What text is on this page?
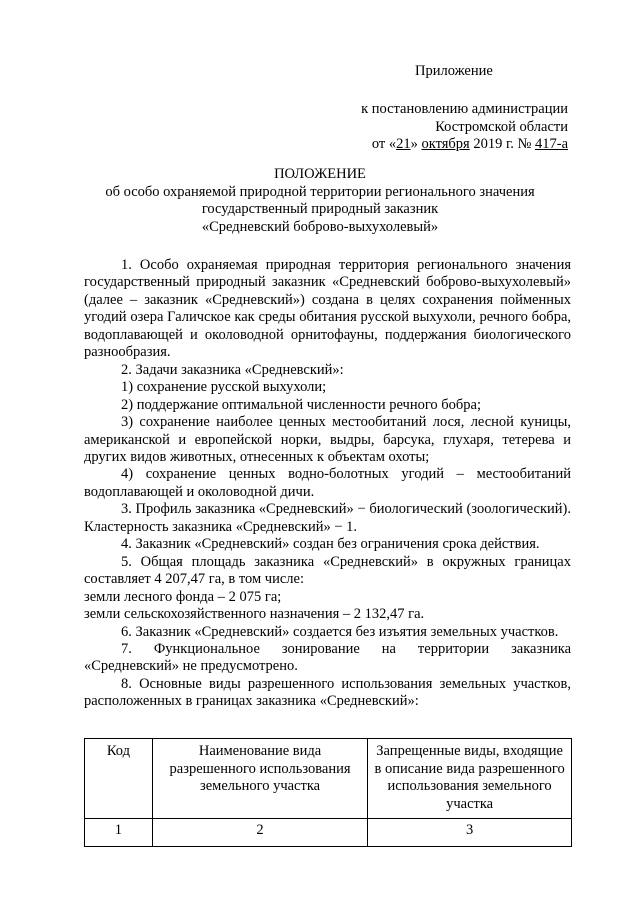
Приложение
к постановлению администрации
Костромской области
от «21» октября 2019 г. № 417-а
ПОЛОЖЕНИЕ
об особо охраняемой природной территории регионального значения
государственный природный заказник
«Средневский боброво-выхухолевый»

1. Особо охраняемая природная территория регионального значения государственный природный заказник «Средневский боброво-выхухолевый» (далее – заказник «Средневский») создана в целях сохранения пойменных угодий озера Галичское как среды обитания русской выхухоли, речного бобра, водоплавающей и околоводной орнитофауны, поддержания биологического разнообразия.

2. Задачи заказника «Средневский»:

1) сохранение русской выхухоли;

2) поддержание оптимальной численности речного бобра;

3) сохранение наиболее ценных местообитаний лося, лесной куницы, американской и европейской норки, выдры, барсука, глухаря, тетерева и других видов животных, отнесенных к объектам охоты;

4) сохранение ценных водно-болотных угодий – местообитаний водоплавающей и околоводной дичи.

3. Профиль заказника «Средневский» − биологический (зоологический). Кластерность заказника «Средневский» − 1.

4. Заказник «Средневский» создан без ограничения срока действия.

5. Общая площадь заказника «Средневский» в окружных границах составляет 4 207,47 га, в том числе:

земли лесного фонда – 2 075 га;

земли сельскохозяйственного назначения – 2 132,47 га.

6. Заказник «Средневский» создается без изъятия земельных участков.

7. Функциональное зонирование на территории заказника «Средневский» не предусмотрено.

8. Основные виды разрешенного использования земельных участков, расположенных в границах заказника «Средневский»:

Код	Наименование вида разрешенного использования земельного участка	Запрещенные виды, входящие в описание вида разрешенного использования земельного участка
1	2	3
